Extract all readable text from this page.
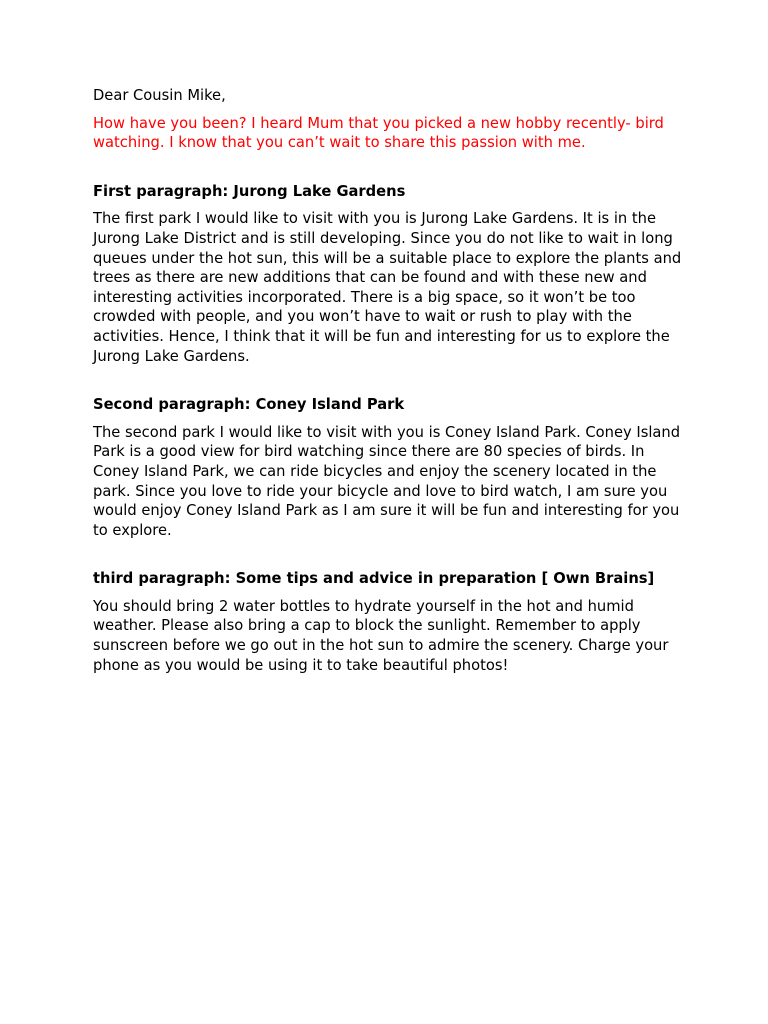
Dear Cousin Mike,

How have you been? I heard Mum that you picked a new hobby recently- bird watching. I know that you can’t wait to share this passion with me.

First paragraph: Jurong Lake Gardens

The first park I would like to visit with you is Jurong Lake Gardens. It is in the Jurong Lake District and is still developing. Since you do not like to wait in long queues under the hot sun, this will be a suitable place to explore the plants and trees as there are new additions that can be found and with these new and interesting activities incorporated. There is a big space, so it won’t be too crowded with people, and you won’t have to wait or rush to play with the activities. Hence, I think that it will be fun and interesting for us to explore the Jurong Lake Gardens.

Second paragraph: Coney Island Park

The second park I would like to visit with you is Coney Island Park. Coney Island Park is a good view for bird watching since there are 80 species of birds. In Coney Island Park, we can ride bicycles and enjoy the scenery located in the park. Since you love to ride your bicycle and love to bird watch, I am sure you would enjoy Coney Island Park as I am sure it will be fun and interesting for you to explore.

third paragraph: Some tips and advice in preparation [ Own Brains]

You should bring 2 water bottles to hydrate yourself in the hot and humid weather. Please also bring a cap to block the sunlight. Remember to apply sunscreen before we go out in the hot sun to admire the scenery. Charge your phone as you would be using it to take beautiful photos!
